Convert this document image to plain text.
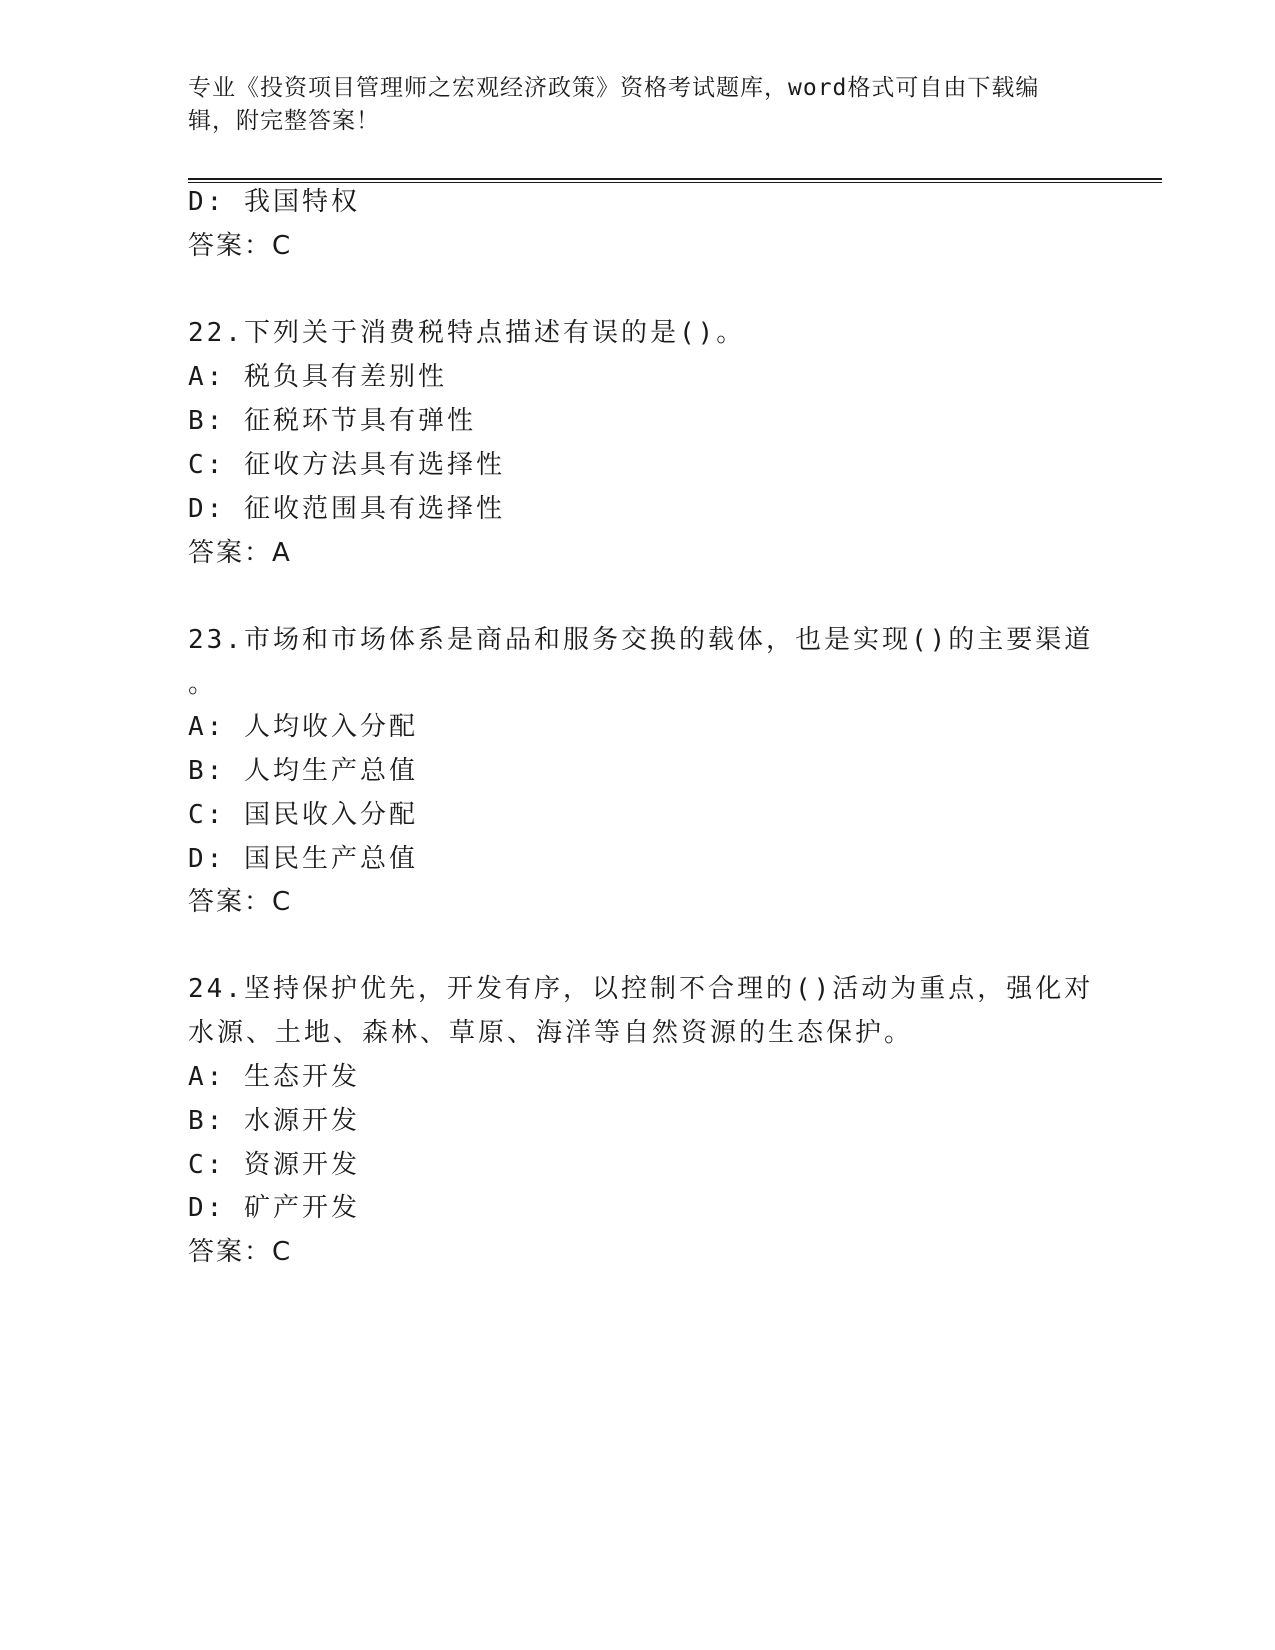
专业《投资项目管理师之宏观经济政策》资格考试题库，word格式可自由下载编
辑，附完整答案！
D: 我国特权
答案：C
22.下列关于消费税特点描述有误的是()。
A: 税负具有差别性
B: 征税环节具有弹性
C: 征收方法具有选择性
D: 征收范围具有选择性
答案：A
23.市场和市场体系是商品和服务交换的载体，也是实现()的主要渠道
。
A: 人均收入分配
B: 人均生产总值
C: 国民收入分配
D: 国民生产总值
答案：C
24.坚持保护优先，开发有序，以控制不合理的()活动为重点，强化对
水源、土地、森林、草原、海洋等自然资源的生态保护。
A: 生态开发
B: 水源开发
C: 资源开发
D: 矿产开发
答案：C
